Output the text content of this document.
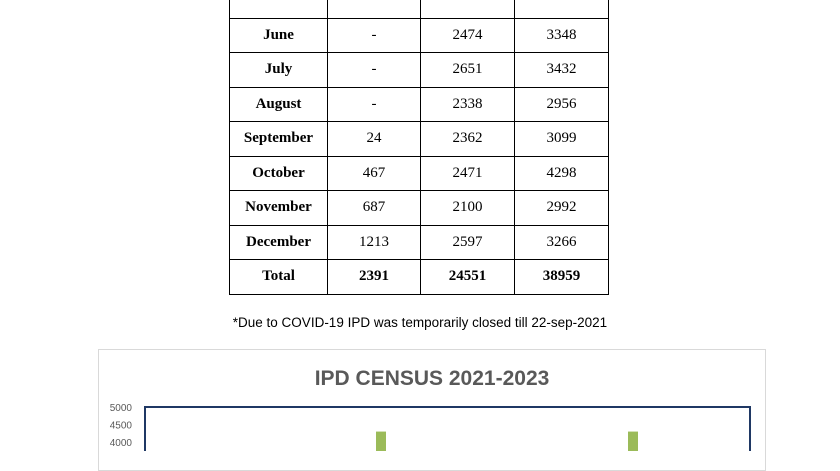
June	-	2474	3348
July	-	2651	3432
August	-	2338	2956
September	24	2362	3099
October	467	2471	4298
November	687	2100	2992
December	1213	2597	3266
Total	2391	24551	38959
*Due to COVID-19 IPD was temporarily closed till 22-sep-2021
IPD CENSUS 2021-2023
5000
4500
4000
